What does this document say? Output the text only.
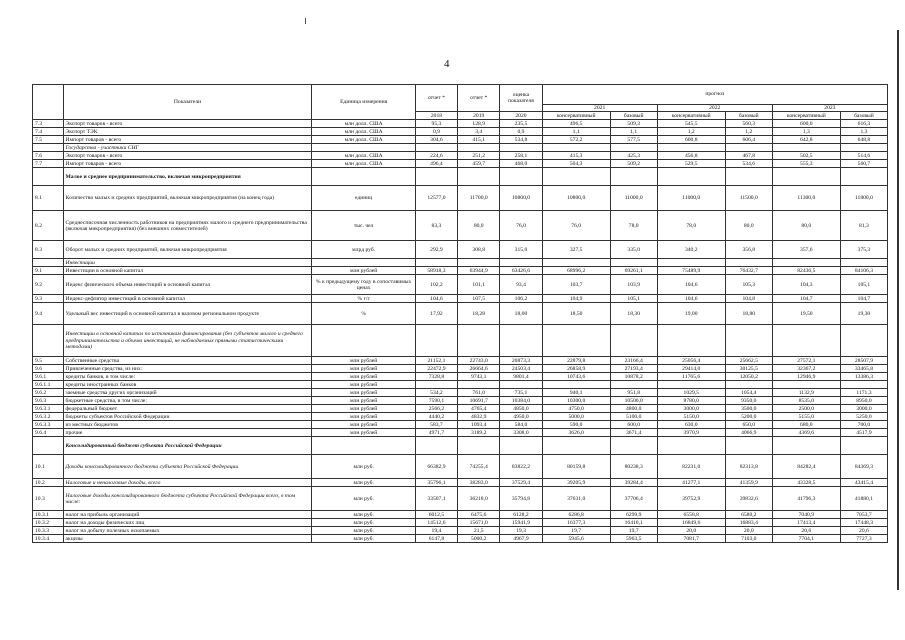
4
	Показатели	Единица измерения	отчет *	отчет *	оценка показателя	прогноз					
						2021		2022		2023	
			2018	2019	2020	консервативный	базовый	консервативный	базовый	консервативный	базовый
7.3	Экспорт товаров - всего	млн долл. США	95,3	128,9	235,5	496,5	509,3	545,5	560,3	600,0	616,3
7.4	Экспорт ТЭК	млн долл. США	0,9	3,4	0,9	1,1	1,1	1,2	1,2	1,3	1,3
7.5	Импорт товаров - всего	млн долл. США	304,6	415,1	534,8	572,2	577,5	600,8	606,4	642,8	648,8
	Государства - участники СНГ										
7.6	Экспорт товаров - всего	млн долл. США	224,6	251,2	258,1	415,3	425,3	456,8	467,8	502,5	514,6
7.7	Импорт товаров - всего	млн долл. США	496,4	459,7	468,0	504,3	509,2	529,5	534,6	555,3	560,7
	Малое и среднее предпринимательство, включая микропредприятия										
8.1	Количество малых и средних предприятий, включая микропредприятия (на конец года)	единиц	12577,0	11700,0	10800,0	10800,0	11000,0	11000,0	11500,0	11300,0	11800,0
8.2	Среднесписочная численность работников на предприятиях малого и среднего предпринимательства (включая микропредприятия) (без внешних совместителей)	тыс. чел	83,3	80,0	76,0	76,0	78,0	78,0	80,0	80,0	81,3
8.3	Оборот малых и средних предприятий, включая микропредприятия	млрд руб.	292,9	308,8	315,0	327,5	335,0	340,2	356,8	357,6	375,3
	Инвестиции										
9.1	Инвестиции в основной капитал	млн рублей	58918,3	63944,9	63426,6	68996,2	69261,1	75489,9	76432,7	82436,5	84106,3
9.2	Индекс физического объема инвестиций в основной капитал	% к предыдущему году в сопоставимых ценах	102,2	101,1	93,4	103,7	103,9	104,6	105,3	104,3	105,1
9.3	Индекс-дефлятор инвестиций в основной капитал	% г/г	104,6	107,5	106,2	104,9	105,1	104,6	104,8	104,7	104,7
9.4	Удельный вес инвестиций в основной капитал в валовом региональном продукте	%	17,92	18,28	18,00	18,50	18,30	19,00	18,80	19,50	19,30
	Инвестиции в основной капитал по источникам финансирования (без субъектов малого и среднего предпринимательства и объема инвестиций, не наблюдаемых прямыми статистическими методами)										
9.5	Собственные средства	млн рублей	21152,1	22743,0	20873,3	22879,8	23166,4	25056,4	25662,5	27572,1	28507,9
9.6	Привлеченные средства, из них:	млн рублей	22472,9	26664,6	24503,4	26858,9	27193,4	29414,0	30125,5	32367,2	33465,8
9.6.1	кредиты банков, в том числе:	млн рублей	7328,8	9743,1	9801,4	10743,6	10878,2	11765,6	12050,2	12946,9	13386,3
9.6.1.1	кредиты иностранных банков	млн рублей									
9.6.2	заемные средства других организаций	млн рублей	534,2	761,0	735,1	940,1	951,8	1029,5	1054,4	1132,9	1171,3
9.6.3	бюджетные средства, в том числе:	млн рублей	7590,1	10691,7	10384,0	10300,0	10500,0	8780,0	9350,0	8535,0	8950,0
9.6.3.1	федеральный бюджет	млн рублей	2566,2	4765,4	4850,0	4750,0	4800,0	3000,0	3500,0	2500,0	3000,0
9.6.3.2	бюджеты субъектов Российской Федерации	млн рублей	4440,2	4832,9	4950,0	5000,0	5100,0	5150,0	5200,0	5155,0	5250,0
9.6.3.3	из местных бюджетов	млн рублей	583,7	1093,4	584,0	590,0	600,0	630,0	650,0	680,0	700,0
9.6.4	прочие	млн рублей	4971,7	3189,2	3308,0	3626,0	3671,4	3970,9	4066,9	4369,6	4517,9
	Консолидированный бюджет субъекта Российской Федерации										
10.1	Доходы консолидированного бюджета субъекта Российской Федерации	млн руб.	66382,9	74255,4	83822,2	80159,8	80238,3	82231,0	82313,8	84282,4	84369,3
10.2	Налоговые и неналоговые доходы, всего	млн руб.	35796,1	38283,0	37529,4	39205,9	39284,4	41277,1	41359,9	43328,5	43415,4
10.3	Налоговые доходы консолидированного бюджета субъекта Российской Федерации всего, в том числе:	млн руб.	33507,1	36218,0	35794,8	37631,0	37706,4	39752,9	39832,6	41796,3	41880,1
10.3.1	налог на прибыль организаций	млн руб.	6012,5	6475,6	6128,2	6286,8	6299,9	6558,8	6580,2	7040,9	7053,7
10.3.2	налог на доходы физических лиц	млн руб.	14512,6	15671,0	15941,9	16377,3	16410,1	16849,6	16883,4	17413,4	17448,3
10.3.3	налог на добычу полезных ископаемых	млн руб.	19,4	21,5	19,3	19,7	19,7	20,0	20,0	20,6	20,6
10.3.4	акцизы	млн руб.	6147,8	5000,2	4967,9	5945,6	5963,5	7081,7	7103,0	7704,1	7727,3
